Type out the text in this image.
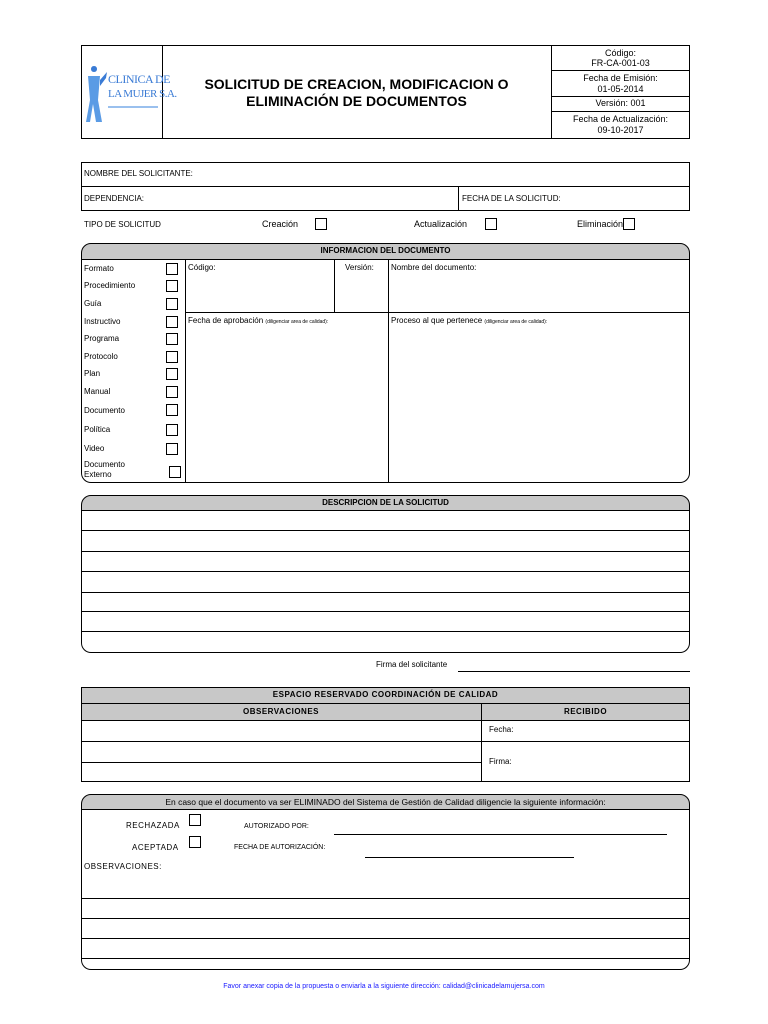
CLINICA DE
LA MUJER S.A.
SOLICITUD DE CREACION, MODIFICACION O
ELIMINACIÓN DE DOCUMENTOS
Código:
FR-CA-001-03
Fecha de Emisión:
01-05-2014
Versión: 001
Fecha de Actualización:
09-10-2017
NOMBRE DEL SOLICITANTE:
DEPENDENCIA:	FECHA DE LA SOLICITUD:
TIPO DE SOLICITUD	Creación	Actualización	Eliminación
INFORMACION DEL DOCUMENTO
Formato
Procedimiento
Guía
Instructivo
Programa
Protocolo
Plan
Manual
Documento
Política
Video
Documento
Externo
Código:	Versión: Nombre del documento:
Fecha de aprobación (diligenciar area de calidad):	Proceso al que pertenece (diligenciar area de calidad):
DESCRIPCION DE LA SOLICITUD
Firma del solicitante
ESPACIO RESERVADO COORDINACIÓN DE CALIDAD
OBSERVACIONES	RECIBIDO
Fecha:
Firma:
En caso que el documento va ser ELIMINADO del Sistema de Gestión de Calidad diligencie la siguiente información:
RECHAZADA
ACEPTADA
AUTORIZADO POR:
FECHA DE AUTORIZACIÓN:
OBSERVACIONES:
Favor anexar copia de la propuesta o enviarla a la siguiente dirección: calidad@clinicadelamujersa.com
